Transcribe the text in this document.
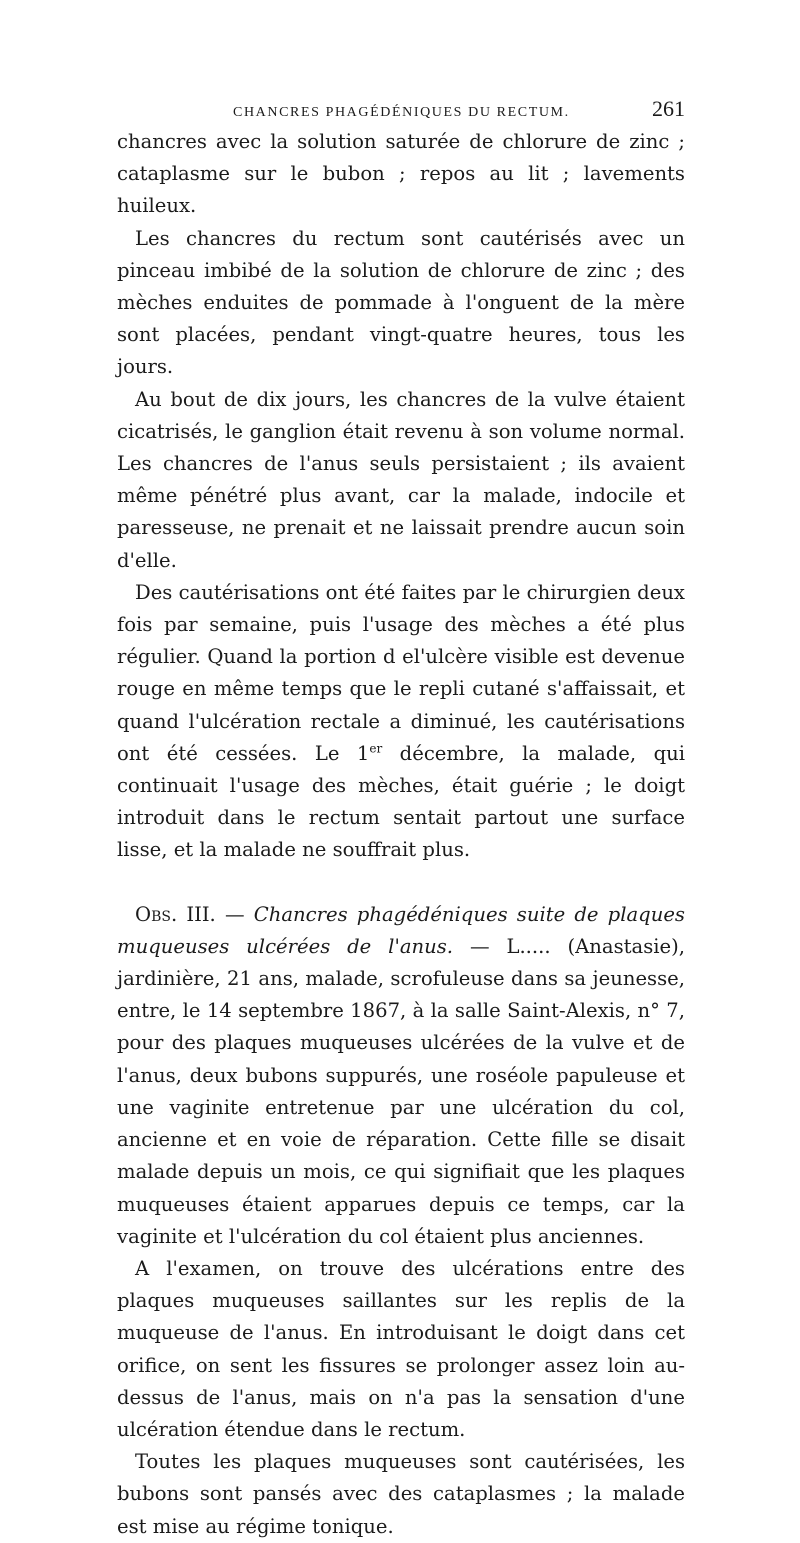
CHANCRES PHAGÉDÉNIQUES DU RECTUM.	261

chancres avec la solution saturée de chlorure de zinc ; cataplasme sur le bubon ; repos au lit ; lavements huileux.

Les chancres du rectum sont cautérisés avec un pinceau imbibé de la solution de chlorure de zinc ; des mèches enduites de pommade à l'onguent de la mère sont placées, pendant vingt-quatre heures, tous les jours.

Au bout de dix jours, les chancres de la vulve étaient cicatrisés, le ganglion était revenu à son volume normal. Les chancres de l'anus seuls persistaient ; ils avaient même pénétré plus avant, car la malade, indocile et paresseuse, ne prenait et ne laissait prendre aucun soin d'elle.

Des cautérisations ont été faites par le chirurgien deux fois par semaine, puis l'usage des mèches a été plus régulier. Quand la portion d el'ulcère visible est devenue rouge en même temps que le repli cutané s'affaissait, et quand l'ulcération rectale a diminué, les cautérisations ont été cessées. Le 1er décembre, la malade, qui continuait l'usage des mèches, était guérie ; le doigt introduit dans le rectum sentait partout une surface lisse, et la malade ne souffrait plus.

Obs. III. — Chancres phagédéniques suite de plaques muqueuses ulcérées de l'anus. — L..... (Anastasie), jardinière, 21 ans, malade, scrofuleuse dans sa jeunesse, entre, le 14 septembre 1867, à la salle Saint-Alexis, n° 7, pour des plaques muqueuses ulcérées de la vulve et de l'anus, deux bubons suppurés, une roséole papuleuse et une vaginite entretenue par une ulcération du col, ancienne et en voie de réparation. Cette fille se disait malade depuis un mois, ce qui signifiait que les plaques muqueuses étaient apparues depuis ce temps, car la vaginite et l'ulcération du col étaient plus anciennes.

A l'examen, on trouve des ulcérations entre des plaques muqueuses saillantes sur les replis de la muqueuse de l'anus. En introduisant le doigt dans cet orifice, on sent les fissures se prolonger assez loin au-dessus de l'anus, mais on n'a pas la sensation d'une ulcération étendue dans le rectum.

Toutes les plaques muqueuses sont cautérisées, les bubons sont pansés avec des cataplasmes ; la malade est mise au régime tonique.
